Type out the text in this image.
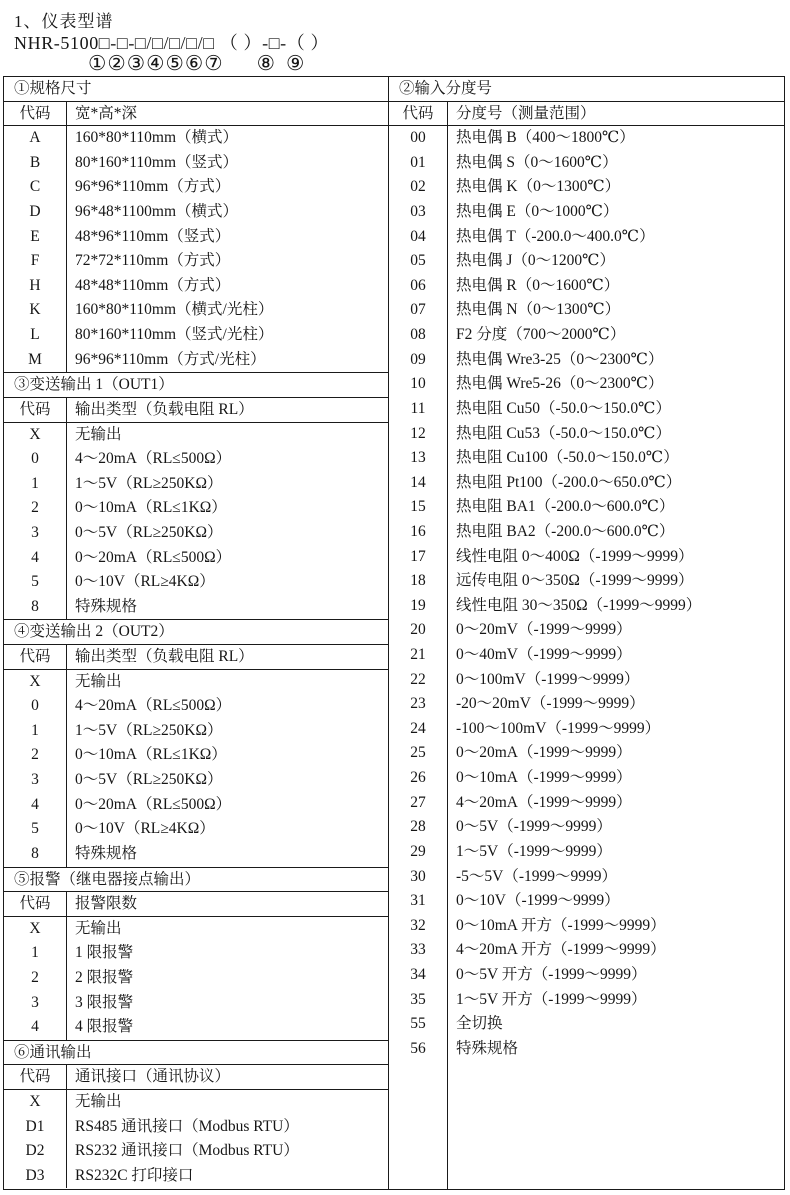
1、仪表型谱
NHR-5100□-□-□/□/□/□/□ （ ）-□-（ ）
①②③④⑤⑥⑦ ⑧ ⑨
①规格尺寸
代码	宽*高*深
A	160*80*110mm（横式）
B	80*160*110mm（竖式）
C	96*96*110mm（方式）
D	96*48*1100mm（横式）
E	48*96*110mm（竖式）
F	72*72*110mm（方式）
H	48*48*110mm（方式）
K	160*80*110mm（横式/光柱）
L	80*160*110mm（竖式/光柱）
M	96*96*110mm（方式/光柱）
③变送输出 1（OUT1）
代码	输出类型（负载电阻 RL）
X	无输出
0	4～20mA（RL≤500Ω）
1	1～5V（RL≥250KΩ）
2	0～10mA（RL≤1KΩ）
3	0～5V（RL≥250KΩ）
4	0～20mA（RL≤500Ω）
5	0～10V（RL≥4KΩ）
8	特殊规格
④变送输出 2（OUT2）
代码	输出类型（负载电阻 RL）
X	无输出
0	4～20mA（RL≤500Ω）
1	1～5V（RL≥250KΩ）
2	0～10mA（RL≤1KΩ）
3	0～5V（RL≥250KΩ）
4	0～20mA（RL≤500Ω）
5	0～10V（RL≥4KΩ）
8	特殊规格
⑤报警（继电器接点输出）
代码	报警限数
X	无输出
1	1 限报警
2	2 限报警
3	3 限报警
4	4 限报警
⑥通讯输出
代码	通讯接口（通讯协议）
X	无输出
D1	RS485 通讯接口（Modbus RTU）
D2	RS232 通讯接口（Modbus RTU）
D3	RS232C 打印接口
②输入分度号
代码	分度号（测量范围）
00	热电偶 B（400～1800℃）
01	热电偶 S（0～1600℃）
02	热电偶 K（0～1300℃）
03	热电偶 E（0～1000℃）
04	热电偶 T（-200.0～400.0℃）
05	热电偶 J（0～1200℃）
06	热电偶 R（0～1600℃）
07	热电偶 N（0～1300℃）
08	F2 分度（700～2000℃）
09	热电偶 Wre3-25（0～2300℃）
10	热电偶 Wre5-26（0～2300℃）
11	热电阻 Cu50（-50.0～150.0℃）
12	热电阻 Cu53（-50.0～150.0℃）
13	热电阻 Cu100（-50.0～150.0℃）
14	热电阻 Pt100（-200.0～650.0℃）
15	热电阻 BA1（-200.0～600.0℃）
16	热电阻 BA2（-200.0～600.0℃）
17	线性电阻 0～400Ω（-1999～9999）
18	远传电阻 0～350Ω（-1999～9999）
19	线性电阻 30～350Ω（-1999～9999）
20	0～20mV（-1999～9999）
21	0～40mV（-1999～9999）
22	0～100mV（-1999～9999）
23	-20～20mV（-1999～9999）
24	-100～100mV（-1999～9999）
25	0～20mA（-1999～9999）
26	0～10mA（-1999～9999）
27	4～20mA（-1999～9999）
28	0～5V（-1999～9999）
29	1～5V（-1999～9999）
30	-5～5V（-1999～9999）
31	0～10V（-1999～9999）
32	0～10mA 开方（-1999～9999）
33	4～20mA 开方（-1999～9999）
34	0～5V 开方（-1999～9999）
35	1～5V 开方（-1999～9999）
55	全切换
56	特殊规格
